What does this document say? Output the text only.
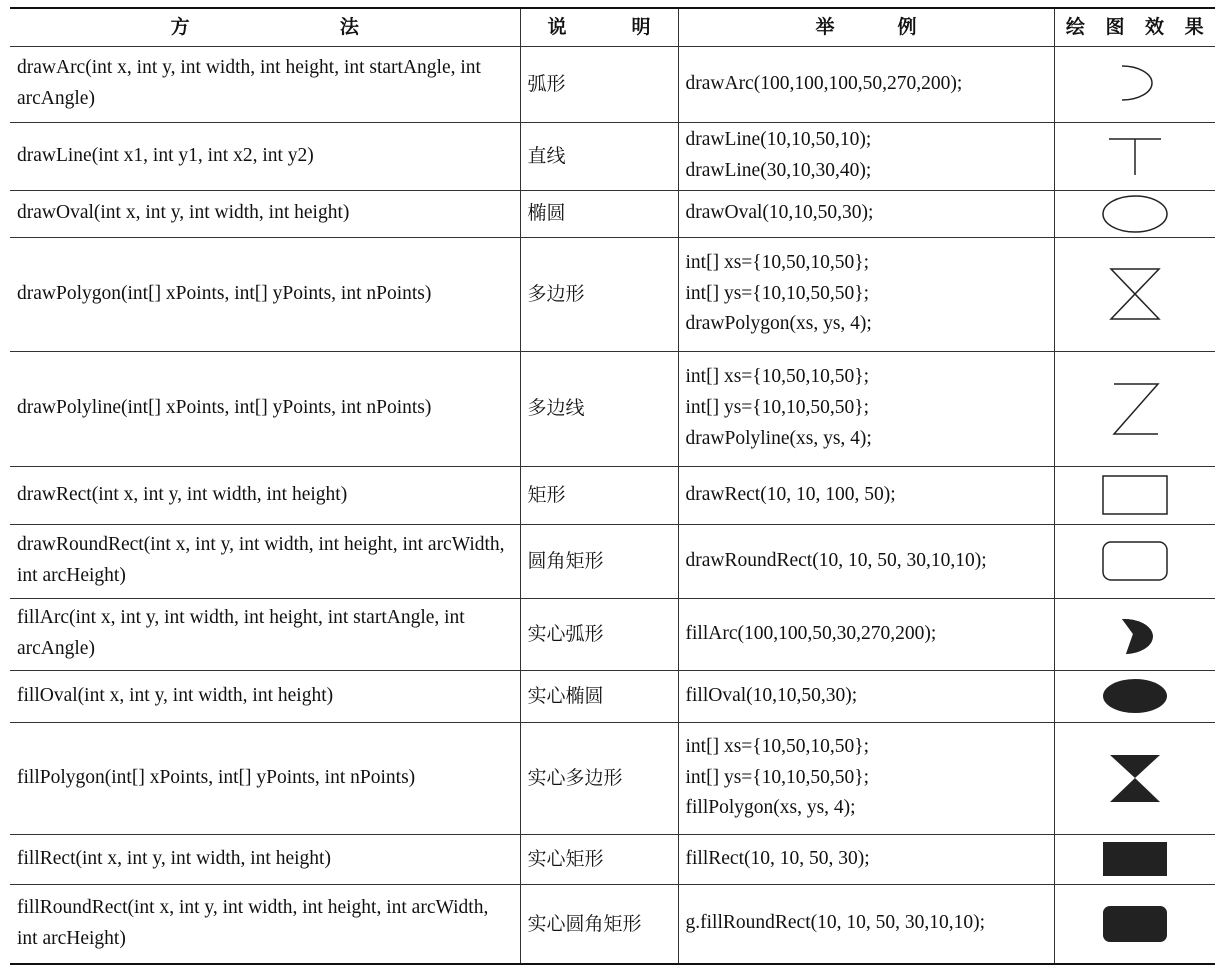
方 法	说 明	举 例	绘 图 效 果

drawArc(int x, int y, int width, int height, int startAngle, int arcAngle)	弧形	drawArc(100,100,100,50,270,200);

drawLine(int x1, int y1, int x2, int y2)	直线	drawLine(10,10,50,10);
drawLine(30,10,30,40);

drawOval(int x, int y, int width, int height)	椭圆	drawOval(10,10,50,30);

drawPolygon(int[] xPoints, int[] yPoints, int nPoints)	多边形	int[] xs={10,50,10,50};
int[] ys={10,10,50,50};
drawPolygon(xs, ys, 4);

drawPolyline(int[] xPoints, int[] yPoints, int nPoints)	多边线	int[] xs={10,50,10,50};
int[] ys={10,10,50,50};
drawPolyline(xs, ys, 4);

drawRect(int x, int y, int width, int height)	矩形	drawRect(10, 10, 100, 50);

drawRoundRect(int x, int y, int width, int height, int arcWidth, int arcHeight)	圆角矩形	drawRoundRect(10, 10, 50, 30,10,10);

fillArc(int x, int y, int width, int height, int startAngle, int arcAngle)	实心弧形	fillArc(100,100,50,30,270,200);

fillOval(int x, int y, int width, int height)	实心椭圆	fillOval(10,10,50,30);

fillPolygon(int[] xPoints, int[] yPoints, int nPoints)	实心多边形	int[] xs={10,50,10,50};
int[] ys={10,10,50,50};
fillPolygon(xs, ys, 4);

fillRect(int x, int y, int width, int height)	实心矩形	fillRect(10, 10, 50, 30);

fillRoundRect(int x, int y, int width, int height, int arcWidth, int arcHeight)	实心圆角矩形	g.fillRoundRect(10, 10, 50, 30,10,10);
